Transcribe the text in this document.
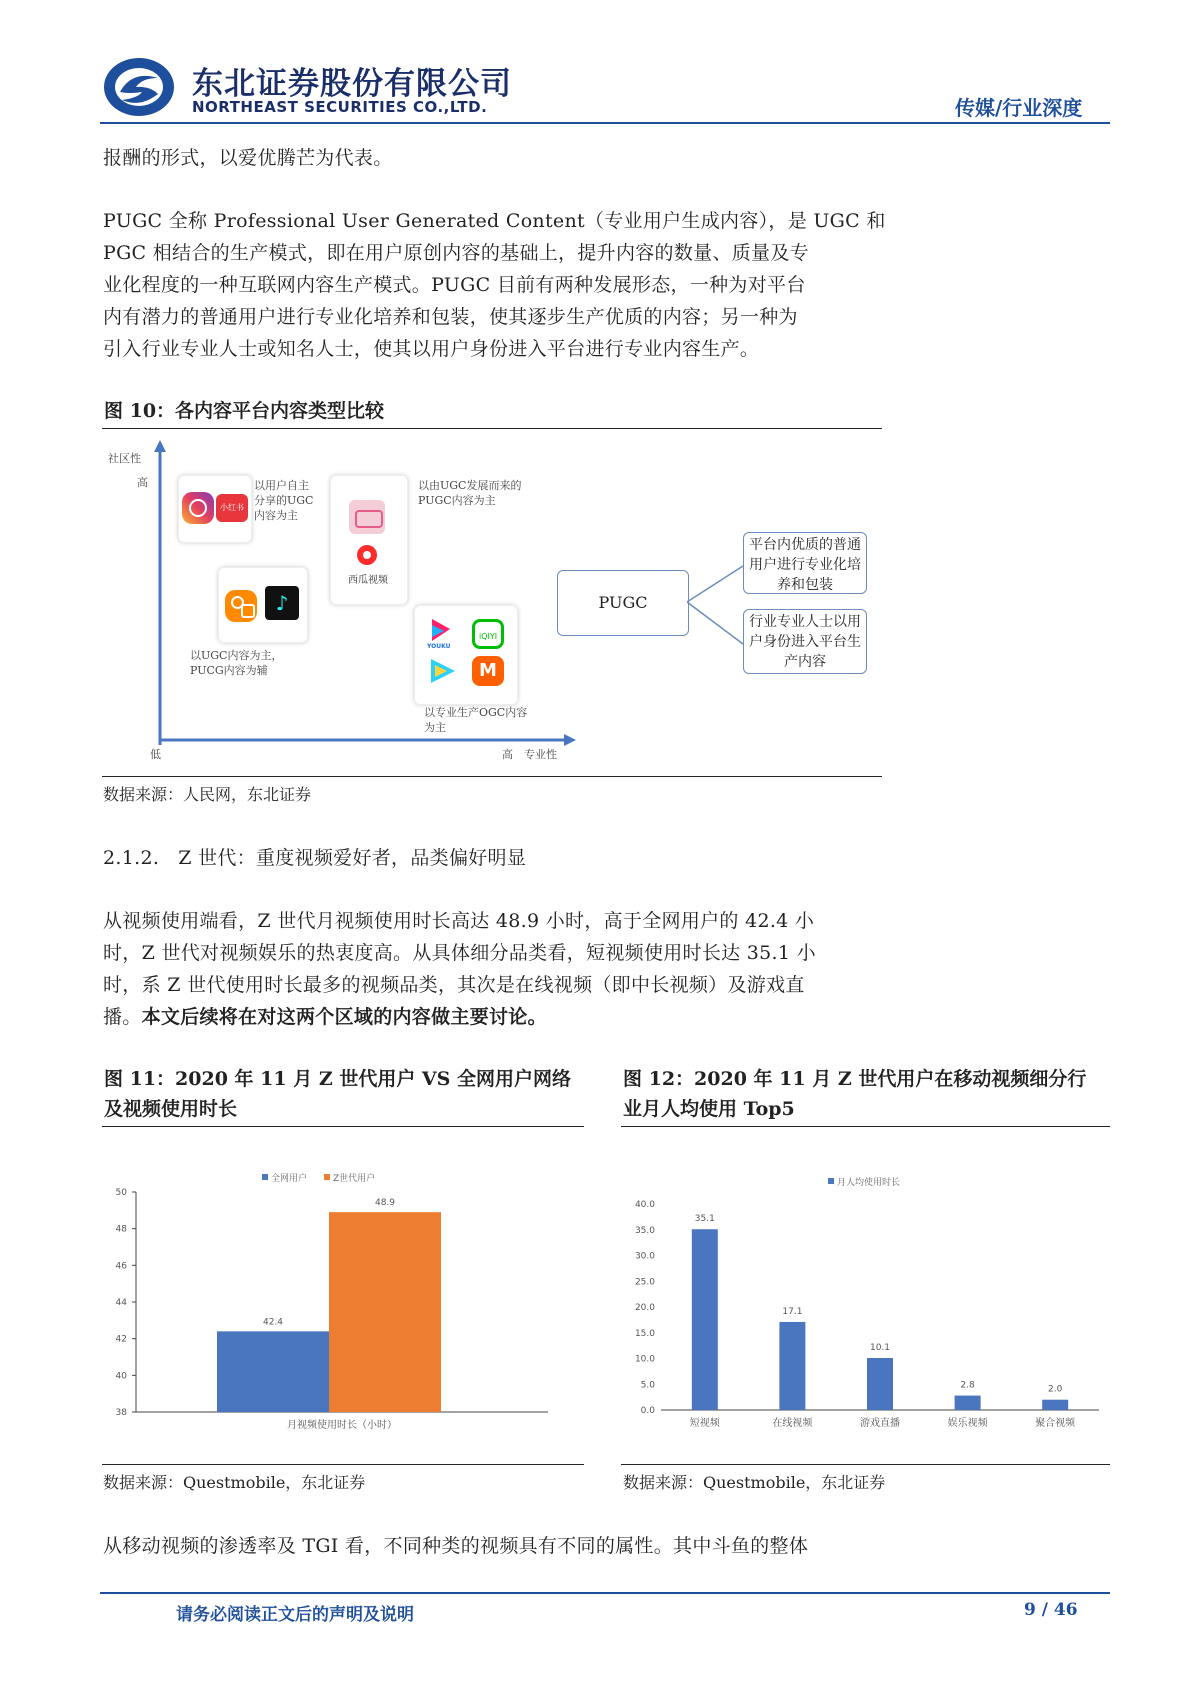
东北证券股份有限公司
NORTHEAST SECURITIES CO.,LTD.	传媒/行业深度
报酬的形式，以爱优腾芒为代表。
PUGC 全称 Professional User Generated Content（专业用户生成内容），是 UGC 和
PGC 相结合的生产模式，即在用户原创内容的基础上，提升内容的数量、质量及专
业化程度的一种互联网内容生产模式。PUGC 目前有两种发展形态，一种为对平台
内有潜力的普通用户进行专业化培养和包装，使其逐步生产优质的内容；另一种为
引入行业专业人士或知名人士，使其以用户身份进入平台进行专业内容生产。
图 10：各内容平台内容类型比较
社区性
高
低	高 专业性
小红书
以用户自主分享的UGC内容为主
♪
以UGC内容为主，PUCG内容为辅
西瓜视频
以由UGC发展而来的PUGC内容为主
YOUKU
iQIYI
M
以专业生产OGC内容为主
PUGC
平台内优质的普通用户进行专业化培养和包装
行业专业人士以用户身份进入平台生产内容
数据来源：人民网，东北证券
2.1.2. Z 世代：重度视频爱好者，品类偏好明显
从视频使用端看，Z 世代月视频使用时长高达 48.9 小时，高于全网用户的 42.4 小
时，Z 世代对视频娱乐的热衷度高。从具体细分品类看，短视频使用时长达 35.1 小
时，系 Z 世代使用时长最多的视频品类，其次是在线视频（即中长视频）及游戏直
播。本文后续将在对这两个区域的内容做主要讨论。
图 11：2020 年 11 月 Z 世代用户 VS 全网用户网络
及视频使用时长
全网用户	Z世代用户
38
40
42
44
46
48
50
42.4
48.9
月视频使用时长（小时）
数据来源：Questmobile，东北证券
图 12：2020 年 11 月 Z 世代用户在移动视频细分行
业月人均使用 Top5
月人均使用时长
0.0
5.0
10.0
15.0
20.0
25.0
30.0
35.0
40.0
35.1
短视频
17.1
在线视频
10.1
游戏直播
2.8
娱乐视频
2.0
聚合视频
数据来源：Questmobile，东北证券
从移动视频的渗透率及 TGI 看，不同种类的视频具有不同的属性。其中斗鱼的整体
请务必阅读正文后的声明及说明	9 / 46
